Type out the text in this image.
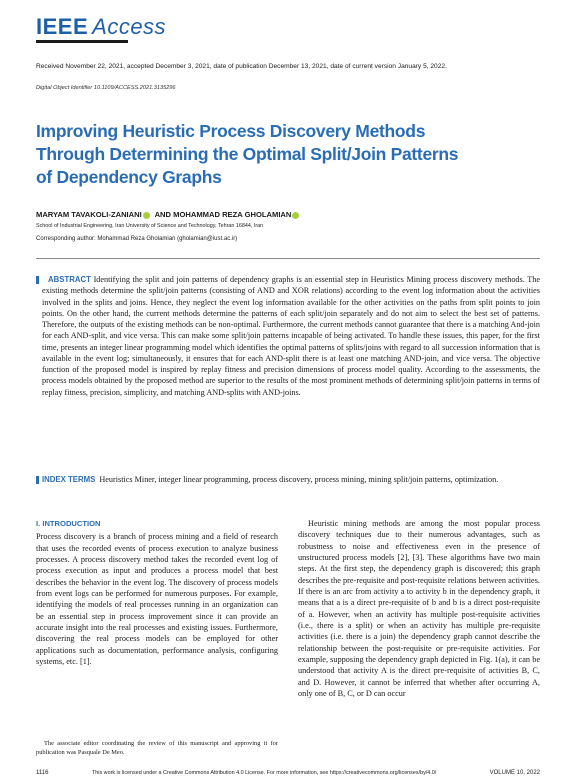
IEEE Access
Received November 22, 2021, accepted December 3, 2021, date of publication December 13, 2021, date of current version January 5, 2022.
Digital Object Identifier 10.1109/ACCESS.2021.3135296
Improving Heuristic Process Discovery Methods Through Determining the Optimal Split/Join Patterns of Dependency Graphs
MARYAM TAVAKOLI-ZANIANI AND MOHAMMAD REZA GHOLAMIAN
School of Industrial Engineering, Iran University of Science and Technology, Tehran 16844, Iran
Corresponding author: Mohammad Reza Gholamian (gholamian@iust.ac.ir)

ABSTRACT Identifying the split and join patterns of dependency graphs is an essential step in Heuristics Mining process discovery methods. The existing methods determine the split/join patterns (consisting of AND and XOR relations) according to the event log information about the activities involved in the splits and joins. Hence, they neglect the event log information available for the other activities on the paths from split points to join points. On the other hand, the current methods determine the patterns of each split/join separately and do not aim to select the best set of patterns. Therefore, the outputs of the existing methods can be non-optimal. Furthermore, the current methods cannot guarantee that there is a matching And-join for each AND-split, and vice versa. This can make some split/join patterns incapable of being activated. To handle these issues, this paper, for the first time, presents an integer linear programming model which identifies the optimal patterns of splits/joins with regard to all succession information that is available in the event log; simultaneously, it ensures that for each AND-split there is at least one matching AND-join, and vice versa. The objective function of the proposed model is inspired by replay fitness and precision dimensions of process model quality. According to the assessments, the process models obtained by the proposed method are superior to the results of the most prominent methods of determining split/join patterns in terms of replay fitness, precision, simplicity, and matching AND-splits with AND-joins.

INDEX TERMS Heuristics Miner, integer linear programming, process discovery, process mining, mining split/join patterns, optimization.

I. INTRODUCTION

Process discovery is a branch of process mining and a field of research that uses the recorded events of process execution to analyze business processes. A process discovery method takes the recorded event log of process execution as input and produces a process model that best describes the behavior in the event log. The discovery of process models from event logs can be performed for numerous purposes. For example, identifying the models of real processes running in an organization can be an essential step in process improvement since it can provide an accurate insight into the real processes and existing issues. Furthermore, discovering the real process models can be employed for other applications such as documentation, performance analysis, configuring systems, etc. [1].

Heuristic mining methods are among the most popular process discovery techniques due to their numerous advantages, such as robustness to noise and effectiveness even in the presence of unstructured process models [2], [3]. These algorithms have two main steps. At the first step, the dependency graph is discovered; this graph describes the pre-requisite and post-requisite relations between activities. If there is an arc from activity a to activity b in the dependency graph, it means that a is a direct pre-requisite of b and b is a direct post-requisite of a. However, when an activity has multiple post-requisite activities (i.e., there is a split) or when an activity has multiple pre-requisite activities (i.e. there is a join) the dependency graph cannot describe the relationship between the post-requisite or pre-requisite activities. For example, supposing the dependency graph depicted in Fig. 1(a), it can be understood that activity A is the direct pre-requisite of activities B, C, and D. However, it cannot be inferred that whether after occurring A, only one of B, C, or D can occur

The associate editor coordinating the review of this manuscript and approving it for publication was Pasquale De Meo.
1116	This work is licensed under a Creative Commons Attribution 4.0 License. For more information, see https://creativecommons.org/licenses/by/4.0/	VOLUME 10, 2022
